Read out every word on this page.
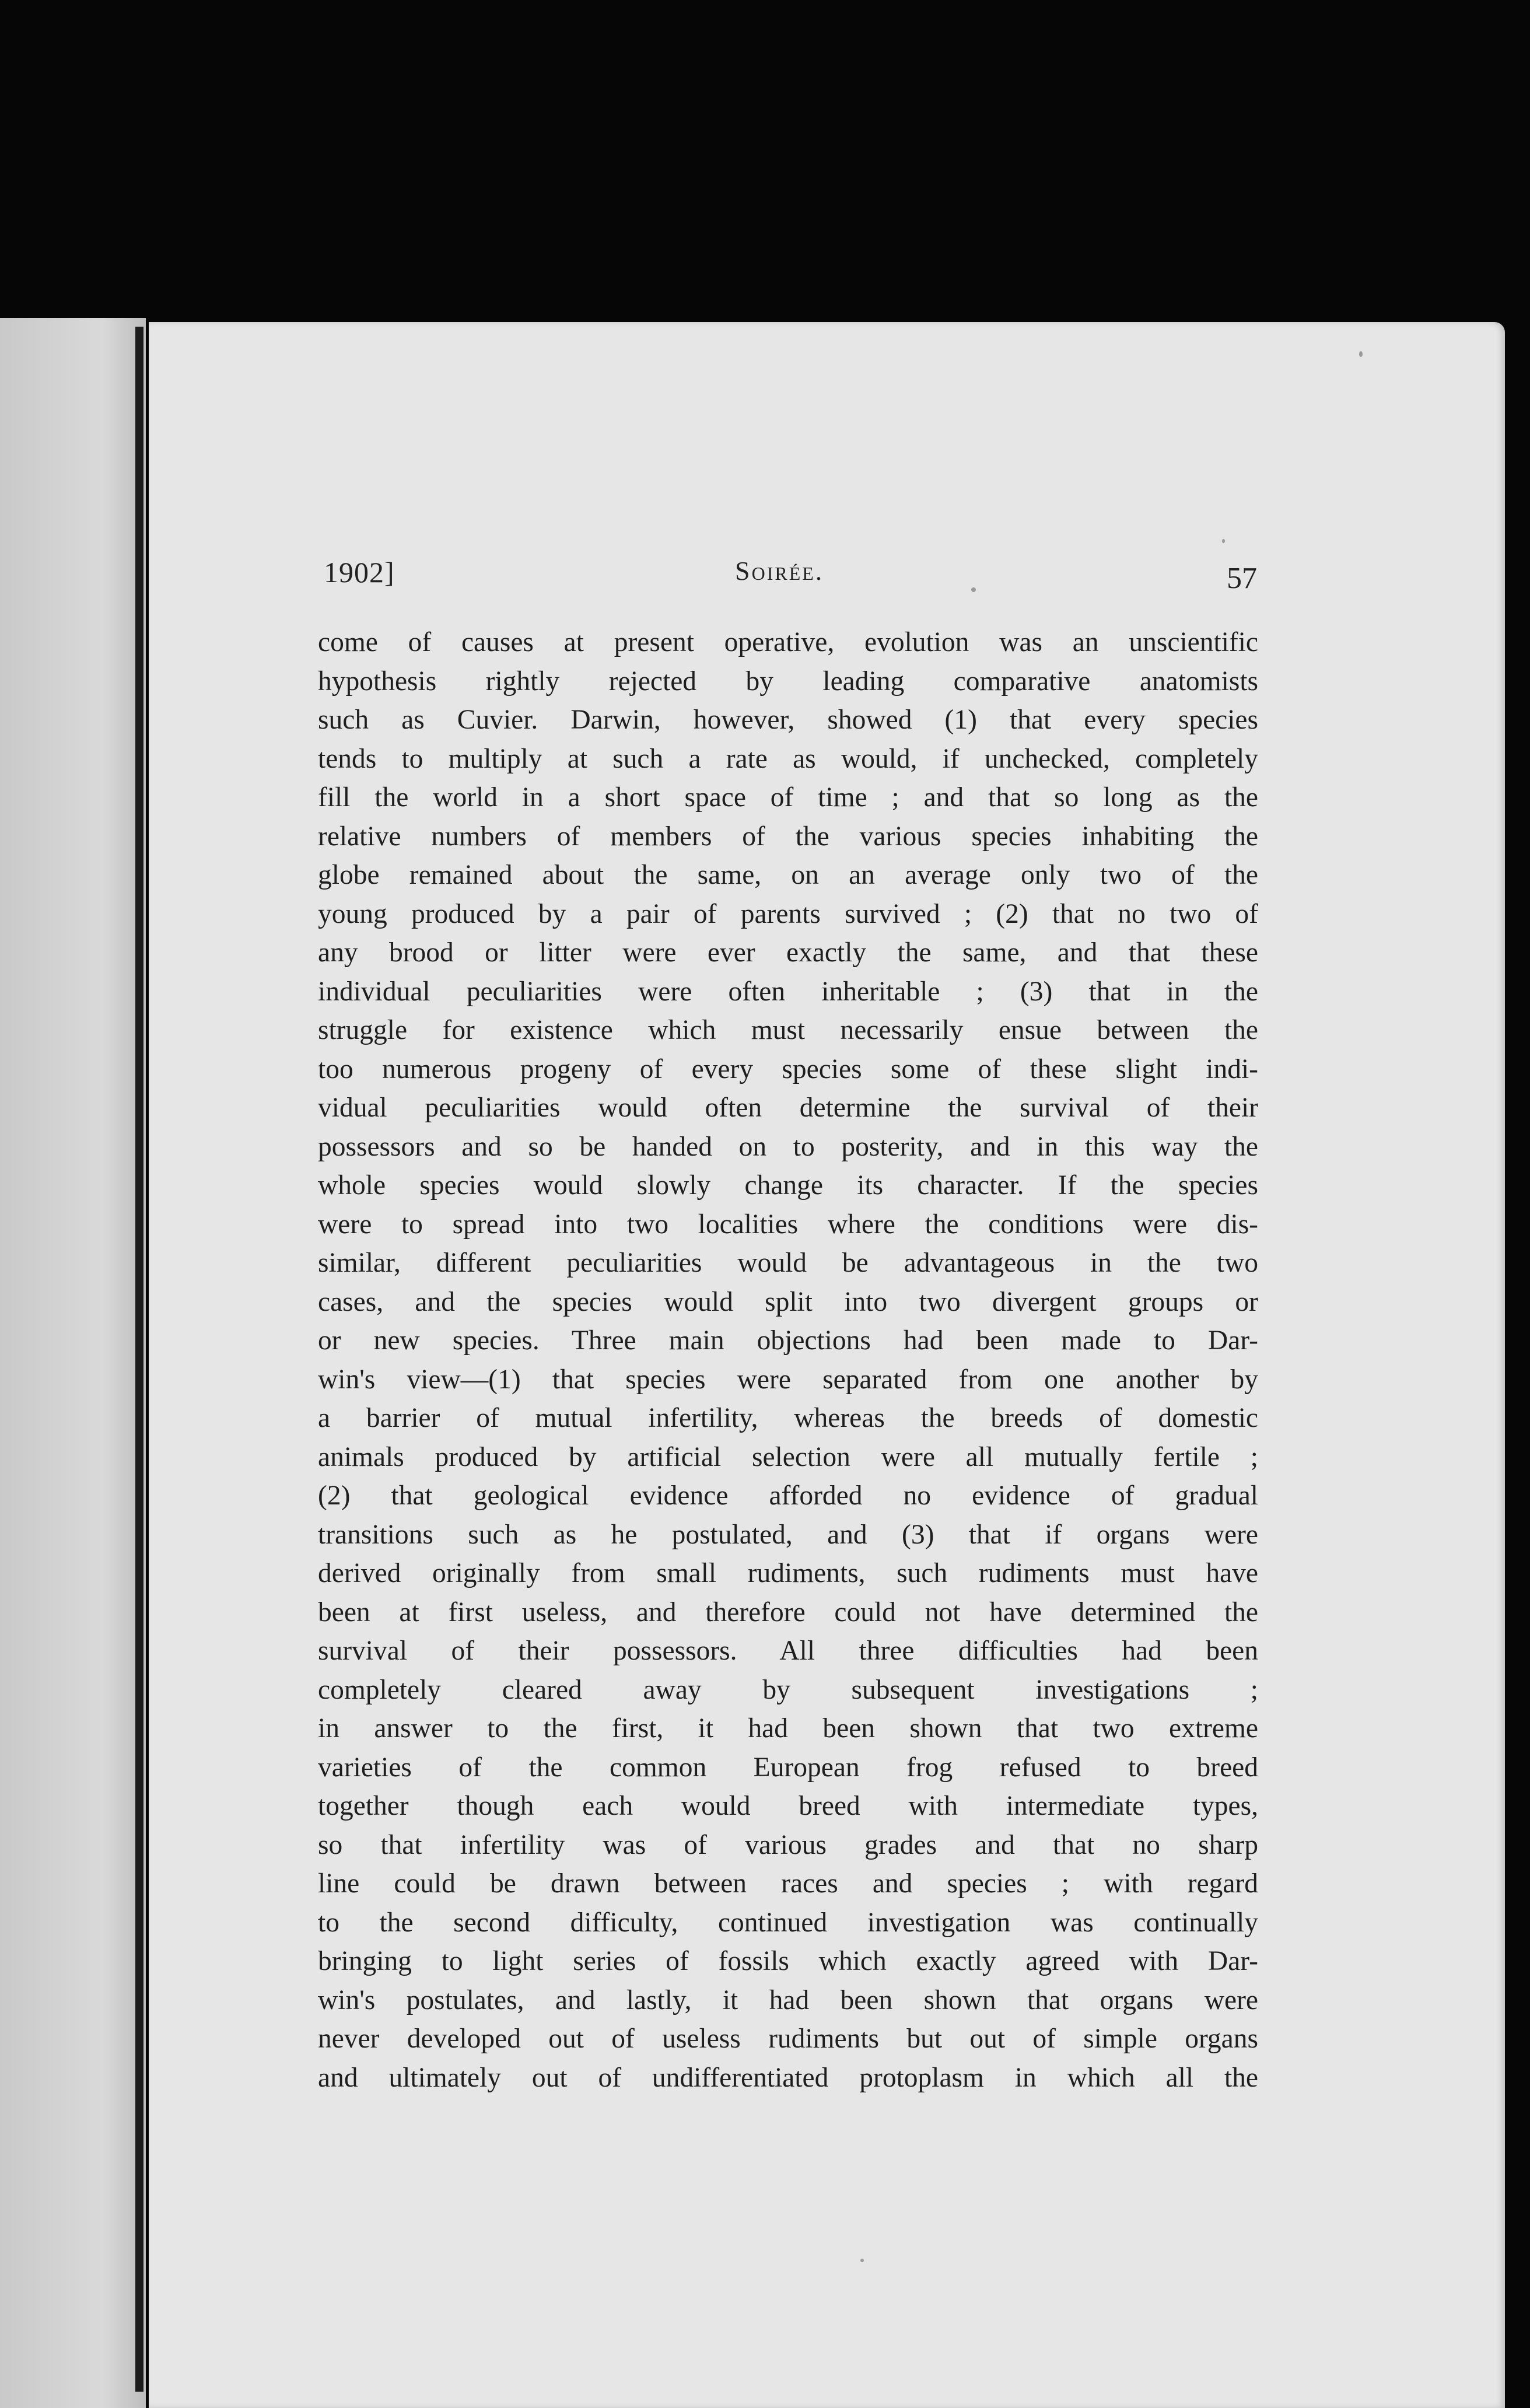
1902]	Soirée.	57
come of causes at present operative, evolution was an unscientific
hypothesis rightly rejected by leading comparative anatomists
such as Cuvier. Darwin, however, showed (1) that every species
tends to multiply at such a rate as would, if unchecked, completely
fill the world in a short space of time ; and that so long as the
relative numbers of members of the various species inhabiting the
globe remained about the same, on an average only two of the
young produced by a pair of parents survived ; (2) that no two of
any brood or litter were ever exactly the same, and that these
individual peculiarities were often inheritable ; (3) that in the
struggle for existence which must necessarily ensue between the
too numerous progeny of every species some of these slight indi-
vidual peculiarities would often determine the survival of their
possessors and so be handed on to posterity, and in this way the
whole species would slowly change its character. If the species
were to spread into two localities where the conditions were dis-
similar, different peculiarities would be advantageous in the two
cases, and the species would split into two divergent groups or
or new species. Three main objections had been made to Dar-
win's view—(1) that species were separated from one another by
a barrier of mutual infertility, whereas the breeds of domestic
animals produced by artificial selection were all mutually fertile ;
(2) that geological evidence afforded no evidence of gradual
transitions such as he postulated, and (3) that if organs were
derived originally from small rudiments, such rudiments must have
been at first useless, and therefore could not have determined the
survival of their possessors. All three difficulties had been
completely cleared away by subsequent investigations ;
in answer to the first, it had been shown that two extreme
varieties of the common European frog refused to breed
together though each would breed with intermediate types,
so that infertility was of various grades and that no sharp
line could be drawn between races and species ; with regard
to the second difficulty, continued investigation was continually
bringing to light series of fossils which exactly agreed with Dar-
win's postulates, and lastly, it had been shown that organs were
never developed out of useless rudiments but out of simple organs
and ultimately out of undifferentiated protoplasm in which all the
